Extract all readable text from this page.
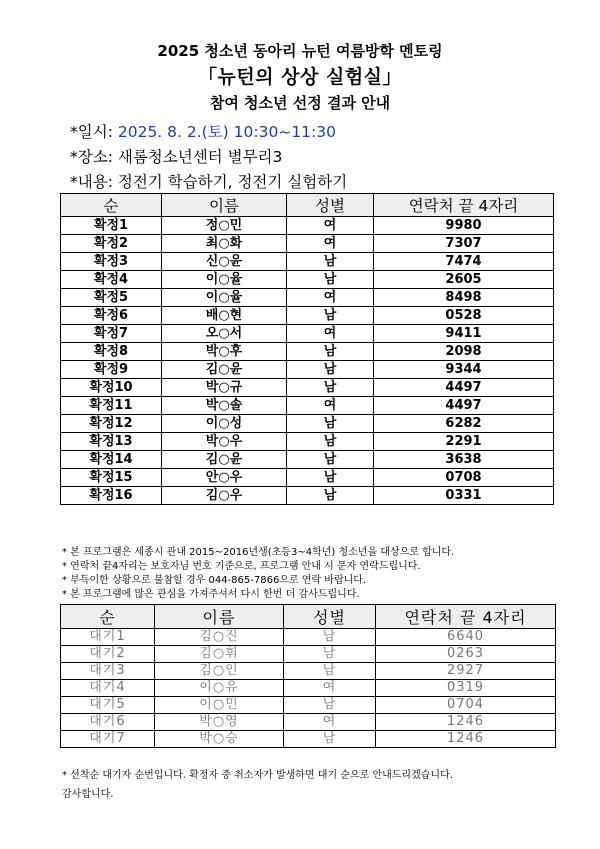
2025 청소년 동아리 뉴턴 여름방학 멘토링
「뉴턴의 상상 실험실」
참여 청소년 선정 결과 안내
*일시: 2025. 8. 2.(토) 10:30~11:30
*장소: 새롬청소년센터 별무리3
*내용: 정전기 학습하기, 정전기 실험하기
순	이름	성별	연락처 끝 4자리
확정1	정○민	여	9980
확정2	최○화	여	7307
확정3	신○윤	남	7474
확정4	이○율	남	2605
확정5	이○율	여	8498
확정6	배○현	남	0528
확정7	오○서	여	9411
확정8	박○후	남	2098
확정9	김○윤	남	9344
확정10	박○규	남	4497
확정11	박○솔	여	4497
확정12	이○성	남	6282
확정13	박○우	남	2291
확정14	김○윤	남	3638
확정15	안○우	남	0708
확정16	김○우	남	0331
* 본 프로그램은 세종시 관내 2015~2016년생(초등3~4학년) 청소년을 대상으로 합니다.
* 연락처 끝4자리는 보호자님 번호 기준으로, 프로그램 안내 시 문자 연락드립니다.
* 부득이한 상황으로 불참할 경우 044-865-7866으로 연락 바랍니다.
* 본 프로그램에 많은 관심을 가져주셔서 다시 한번 더 감사드립니다.
순	이름	성별	연락처 끝 4자리
대기1	김○진	남	6640
대기2	김○휘	남	0263
대기3	김○인	남	2927
대기4	이○유	여	0319
대기5	이○민	남	0704
대기6	박○영	여	1246
대기7	박○승	남	1246
* 선착순 대기자 순번입니다. 확정자 중 취소자가 발생하면 대기 순으로 안내드리겠습니다.
감사합니다.
